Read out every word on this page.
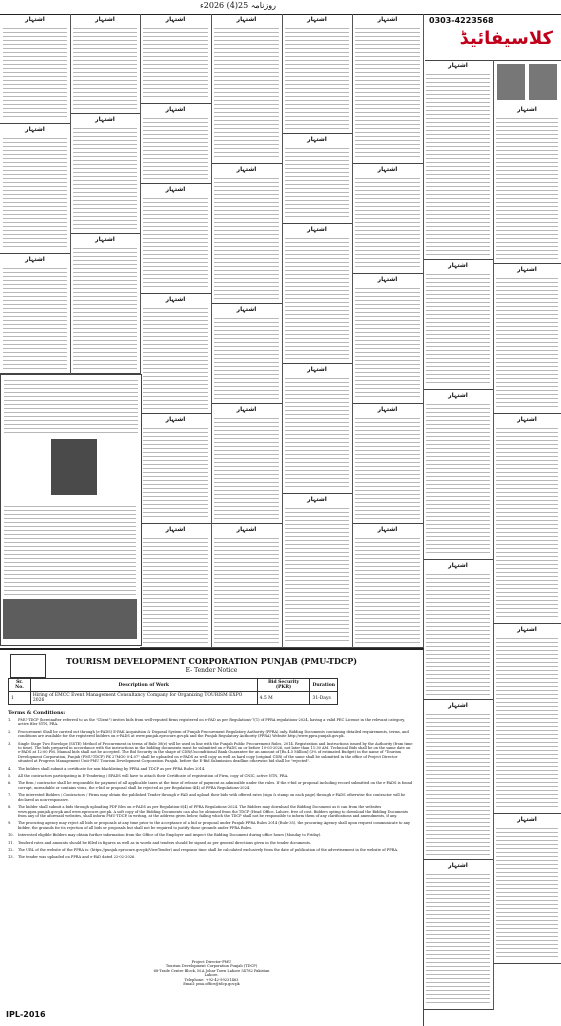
روزنامہ 25(4) 2026ء
0303-4223568
کلاسیفائیڈ
اشتہار
اشتہار
اشتہار
اشتہار
اشتہار
اشتہار
اشتہار
اشتہار
اشتہار
اشتہار
اشتہار
اشتہار
اشتہار
اشتہار
اشتہار
اشتہار
اشتہار
اشتہار
اشتہار
اشتہار
اشتہار
اشتہار
اشتہار
اشتہار
اشتہار
اشتہار
اشتہار
اشتہار
اشتہار
اشتہار
اشتہار
اشتہار
اشتہار
اشتہار
اشتہار
اشتہار
اشتہار
اشتہار
TOURISM DEVELOPMENT CORPORATION PUNJAB (PMU-TDCP)
E- Tender Notice
Sr. No.	Description of Work	Bid Security (PKR)	Duration
1	Hiring of EMCC Event Management Consultancy Company for Organizing TOURISM EXPO 2026	4.5 M	31-Days
Terms & Conditions:
1.	PMU-TDCP (hereinafter referred to as the "Client") invites bids from well-reputed firms registered on e-PAD as per Regulations-7(1) of PPRA regulations-2024, having a valid PEC License in the relevant category, active filer NTN, PRA.
2.	Procurement Shall be carried out through (e-PADS) E-PAK Acquisition & Disposal System of Punjab Procurement Regulatory Authority (PPRA) only. Bidding Documents containing detailed requirements, terms, and conditions are available for the registered bidders on e-PADS at www.punjab.eprocure.gov.pk and the Punjab Regulatory Authority (PPRA) Website http://www.ppra.punjab.gov.pk.
3.	Single Stage Two Envelope (SSTE) Method of Procurement in terms of Rule 38(e) will be used in line with the Punjab Public Procurement Rules, 2014. Registration and Instructions issued by the Authority (from time to time). The bids prepared in accordance with the instructions in the bidding documents must be submitted on e-PADS on or before 10-03-2026, not later than 11:30 AM. Technical Bids shall be on the same date on e-PADS at 12:00 PM. Manual bids shall not be accepted. The Bid Security in the shape of CDR/Unconditional Bank Guarantee for an amount of [Rs.4.5 Million] (3% of estimated Budget) in the name of "Tourism Development Corporation, Punjab (PMU-TDCP) PK 27MO0 0-4.07" shall be uploaded on e-PADS as well copy as well as hard copy (original CDR) of the same shall be submitted in the office of Project Director situated at Progress Management Unit-PMU Tourism Development Corporation Punjab, before the E-Bid Submission deadline otherwise bid shall be "rejected".
4.	The bidders shall submit a certificate for non-blacklisting by PPRA and TDCP as per PPRA Rules 2014.
5.	All the contractors participating in E-Tendering / EPADS will have to attach their Certificate of registration of Firm, copy of CNIC, active NTN, PRA.
6.	The firm / contractor shall be responsible for payment of all applicable taxes at the time of release of payment as admissible under the rules. If the e-bid or proposal including record submitted on the e-PADS is found corrupt, unreadable or contains virus, the e-bid or proposal shall be rejected as per Regulation-4(4) of PPRA Regulations-2024.
7.	The interested Bidders / Contractors / Firms may obtain the published Tender through e-PAD and upload their bids with offered rates (sign & stamp on each page) through e-PADS otherwise the contractor will be declared as non-responsive.
8.	The bidder shall submit a bids through uploading PDF files on e-PADS as per Regulation-6(4) of PPRA Regulations-2024. The Bidders may download the Bidding Document as it can from the websites www.ppra.punjab.gov.pk and www.eprocure.gov.pk. A soft copy of the Bidding Documents can also be obtained from the TDCP (Head Office, Lahore, free of cost. Bidders opting to download the Bidding Documents from any of the aforesaid websites, shall inform PMU-TDCP, in writing, at the address given below, failing which the TDCP shall not be responsible to inform them of any clarifications and amendments, if any.
9.	The procuring agency may reject all bids or proposals at any time prior to the acceptance of a bid or proposal under Punjab PPRA Rules 2014 (Rule-35). the procuring Agency shall upon request communicate to any bidder, the grounds for its rejection of all bids or proposals but shall not be required to justify those grounds under PPRA Rules.
10.	Interested eligible Bidders may obtain further information from the Office of the Employer and inspect the Bidding Document during office hours (Monday to Friday).
11.	Tenderd rates and amounts should be filled in figures as well as in words and tenders should be signed as per general directions given in the tender documents.
12.	The URL of the website of the PPRA is: (https://punjab.eprocure.gov.pk/ViewTender) and response time shall be calculated exclusively from the date of publication of the advertisement in the website of PPRA.
13.	The tender was uploaded on PPRA and e-PAD dated 22-02-2026.
Project Director-PMU
Tourism Development Corporation Punjab (TDCP)
68-Trade Centre Block, M.A Johar Town Lahore 54782 Pakistan
Lahore.
Telephone: +92-42-99231463
Email: pmu.office@tdcp.gov.pk
IPL-2016
